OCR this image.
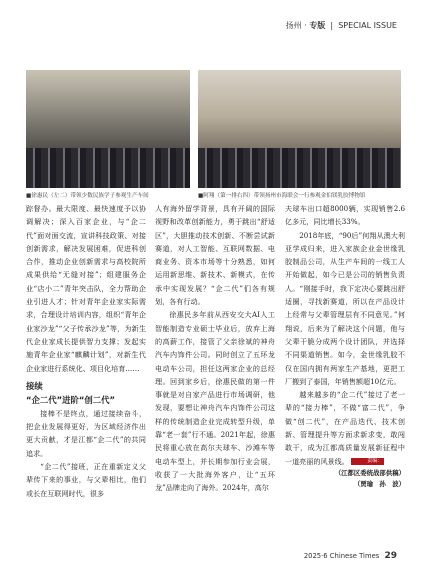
扬州 · 专版  |  SPECIAL ISSUE
■徐惠民（左二）带领少数民族学子参观生产车间	■阿翔（第一排右四）带领扬州市海联会一行参观金伯镁乳胶博物馆

踪督办。最大限度、最快速度予以协调解决；深入百家企业，与“企二代”面对面交流，宣讲科技政策、对接创新需求，解决发展困难，促进科创合作，推动企业创新需求与高校院所成果供给“无缝对接”；组建服务企业“店小二”青年突击队，全力帮助企业引进人才；针对青年企业家实际需求，合理设计培训内容，组织“青年企业家沙龙”“父子传承沙龙”等，为新生代企业家成长提供智力支撑；发起实施青年企业家“麒麟计划”，对新生代企业家进行系统化、项目化培育……

接续
“企二代”进阶“创二代”

接棒不是终点，通过接续奋斗，把企业发展得更好，为区域经济作出更大贡献，才是江都“企二代”的共同追求。

“企二代”接班，正在重新定义父辈传下来的事业，与父辈相比，他们或长在互联网时代，很多

人有海外留学背景，具有开阔的国际视野和改革创新能力，勇于跳出“舒适区”，大胆推动技术创新、不断尝试新赛道，对人工智能、互联网数据、电商业务、资本市场等十分熟悉，如何运用新思维、新技术、新模式，在传承中实现发展？“企二代”们各有规划，各有行动。

徐惠民多年前从西安交大AI人工智能制造专业硕士毕业后，放弃上海的高薪工作，接管了父亲徐斌的神舟汽车内饰件公司。同时创立了五环龙电动车公司，担任这两家企业的总经理。回到家乡后，徐惠民做的第一件事就是对自家产品进行市场调研，他发现，要想让神舟汽车内饰件公司这样的传统制造企业完成转型升级，单靠“老一套”行不通。2021年起，徐惠民将重心放在高尔夫球车、沙滩车等电动车型上，并长期参加行业会展，收获了一大批海外客户，让“五环龙”品牌走向了海外。2024年，高尔

夫球车出口超8000辆，实现销售2.6亿多元，同比增长33%。

2018年底，“90后”何翔从澳大利亚学成归来，进入家族企业金世缘乳胶制品公司，从生产车间的一线工人开始做起，如今已是公司的销售负责人。“刚接手时，我下定决心要跳出舒适圈，寻找新赛道，所以在产品设计上经常与父辈管理层有不同意见。”何翔说，后来为了解决这个问题，他与父辈干脆分成两个设计团队，并选择不同渠道销售。如今，金世缘乳胶不仅在国内拥有两家生产基地，更把工厂搬到了泰国，年销售额超10亿元。

越来越多的“企二代”接过了老一辈的“接力棒”，不做“富二代”，争做“创二代”，在产品迭代、技术创新、管理提升等方面求新求变，敢闯敢干，成为江都高质量发展新征程中一道亮丽的风景线。	责编：

（江都区委统战部供稿）

（贾瑜　孙　波）

2025·6 Chinese Times 29
